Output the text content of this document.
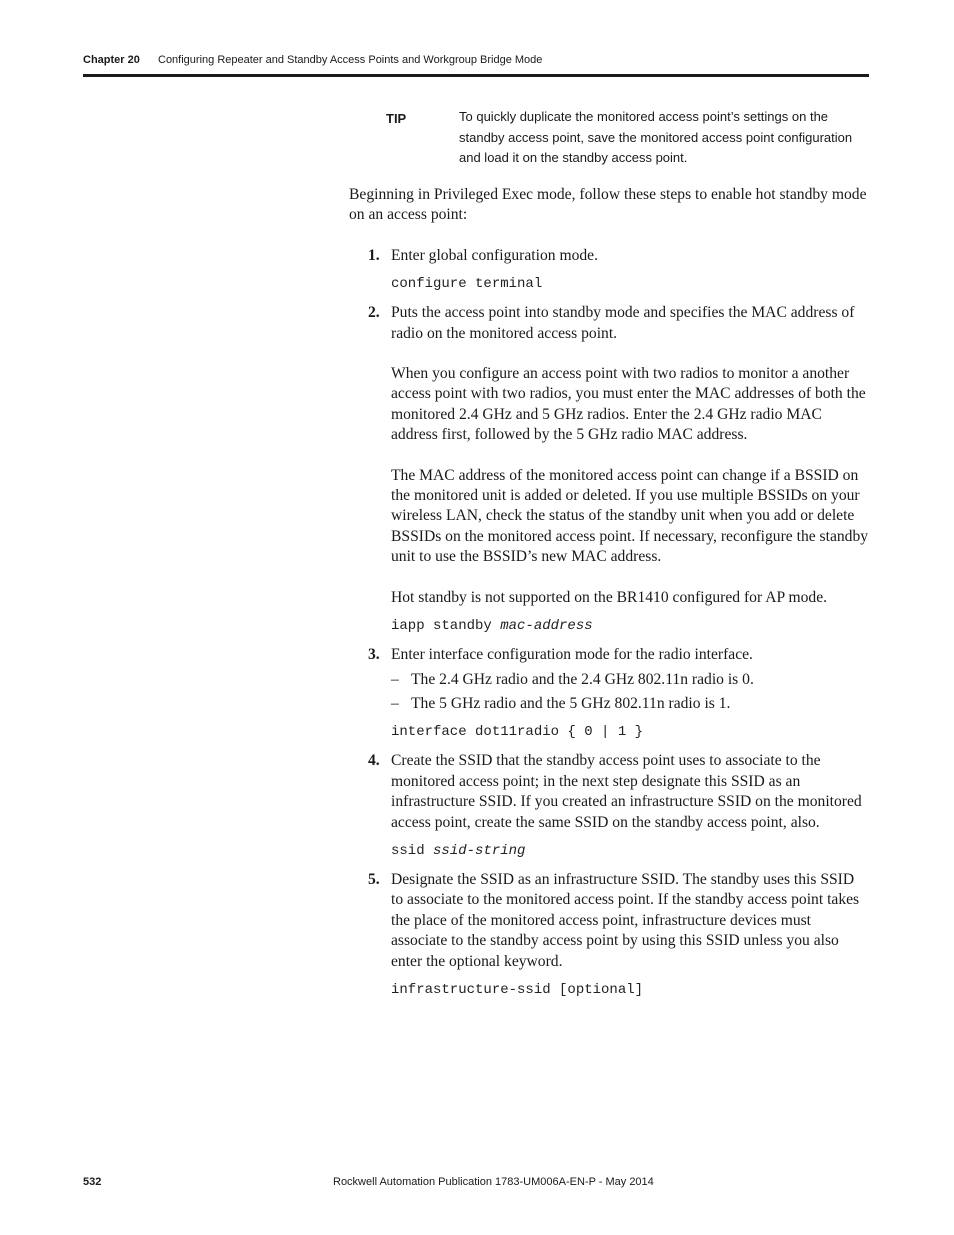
Chapter 20 Configuring Repeater and Standby Access Points and Workgroup Bridge Mode
TIP	To quickly duplicate the monitored access point’s settings on the standby access point, save the monitored access point configuration and load it on the standby access point.

Beginning in Privileged Exec mode, follow these steps to enable hot standby mode on an access point:

1. Enter global configuration mode.

configure terminal
2. Puts the access point into standby mode and specifies the MAC address of radio on the monitored access point.

When you configure an access point with two radios to monitor a another access point with two radios, you must enter the MAC addresses of both the monitored 2.4 GHz and 5 GHz radios. Enter the 2.4 GHz radio MAC address first, followed by the 5 GHz radio MAC address.

The MAC address of the monitored access point can change if a BSSID on the monitored unit is added or deleted. If you use multiple BSSIDs on your wireless LAN, check the status of the standby unit when you add or delete BSSIDs on the monitored access point. If necessary, reconfigure the standby unit to use the BSSID’s new MAC address.

Hot standby is not supported on the BR1410 configured for AP mode.

iapp standby mac-address
3. Enter interface configuration mode for the radio interface.

– The 2.4 GHz radio and the 2.4 GHz 802.11n radio is 0.
– The 5 GHz radio and the 5 GHz 802.11n radio is 1.
interface dot11radio { 0 | 1 }
4. Create the SSID that the standby access point uses to associate to the monitored access point; in the next step designate this SSID as an infrastructure SSID. If you created an infrastructure SSID on the monitored access point, create the same SSID on the standby access point, also.

ssid ssid-string
5. Designate the SSID as an infrastructure SSID. The standby uses this SSID to associate to the monitored access point. If the standby access point takes the place of the monitored access point, infrastructure devices must associate to the standby access point by using this SSID unless you also enter the optional keyword.

infrastructure-ssid [optional]
532	Rockwell Automation Publication 1783-UM006A-EN-P - May 2014
